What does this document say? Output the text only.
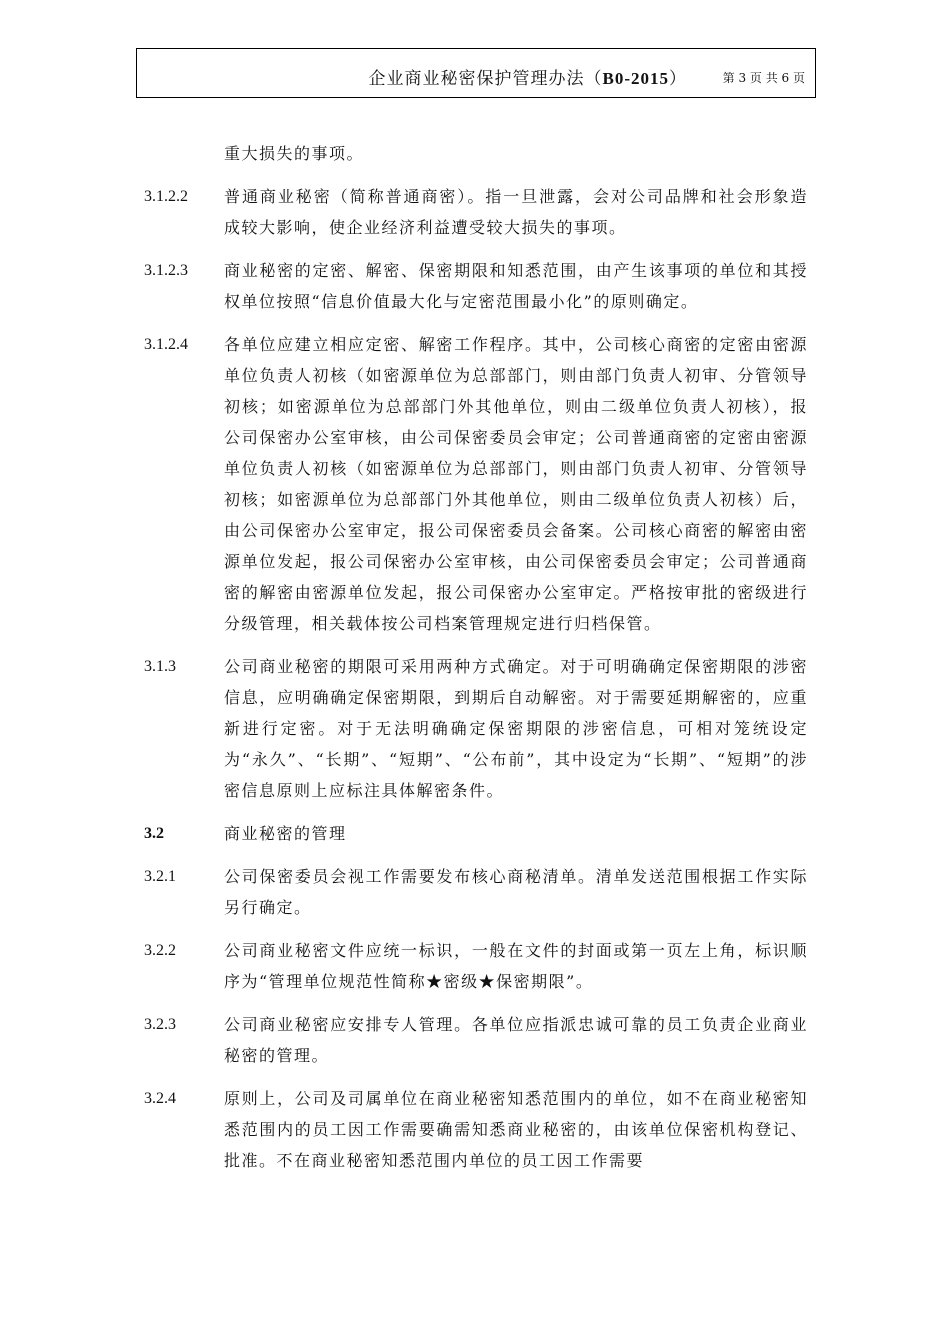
企业商业秘密保护管理办法（B0-2015）	第 3 页 共 6 页
重大损失的事项。
3.1.2.2 普通商业秘密（简称普通商密）。指一旦泄露，会对公司品牌和社会形象造成较大影响，使企业经济利益遭受较大损失的事项。
3.1.2.3 商业秘密的定密、解密、保密期限和知悉范围，由产生该事项的单位和其授权单位按照“信息价值最大化与定密范围最小化”的原则确定。
3.1.2.4 各单位应建立相应定密、解密工作程序。其中，公司核心商密的定密由密源单位负责人初核（如密源单位为总部部门，则由部门负责人初审、分管领导初核；如密源单位为总部部门外其他单位，则由二级单位负责人初核），报公司保密办公室审核，由公司保密委员会审定；公司普通商密的定密由密源单位负责人初核（如密源单位为总部部门，则由部门负责人初审、分管领导初核；如密源单位为总部部门外其他单位，则由二级单位负责人初核）后，由公司保密办公室审定，报公司保密委员会备案。公司核心商密的解密由密源单位发起，报公司保密办公室审核，由公司保密委员会审定；公司普通商密的解密由密源单位发起，报公司保密办公室审定。严格按审批的密级进行分级管理，相关载体按公司档案管理规定进行归档保管。
3.1.3	公司商业秘密的期限可采用两种方式确定。对于可明确确定保密期限的涉密信息，应明确确定保密期限，到期后自动解密。对于需要延期解密的，应重新进行定密。对于无法明确确定保密期限的涉密信息，可相对笼统设定为“永久”、“长期”、“短期”、“公布前”，其中设定为“长期”、“短期”的涉密信息原则上应标注具体解密条件。
3.2	商业秘密的管理
3.2.1	公司保密委员会视工作需要发布核心商秘清单。清单发送范围根据工作实际另行确定。
3.2.2	公司商业秘密文件应统一标识，一般在文件的封面或第一页左上角，标识顺序为“管理单位规范性简称★密级★保密期限”。
3.2.3	公司商业秘密应安排专人管理。各单位应指派忠诚可靠的员工负责企业商业秘密的管理。
3.2.4	原则上，公司及司属单位在商业秘密知悉范围内的单位，如不在商业秘密知悉范围内的员工因工作需要确需知悉商业秘密的，由该单位保密机构登记、批准。不在商业秘密知悉范围内单位的员工因工作需要
